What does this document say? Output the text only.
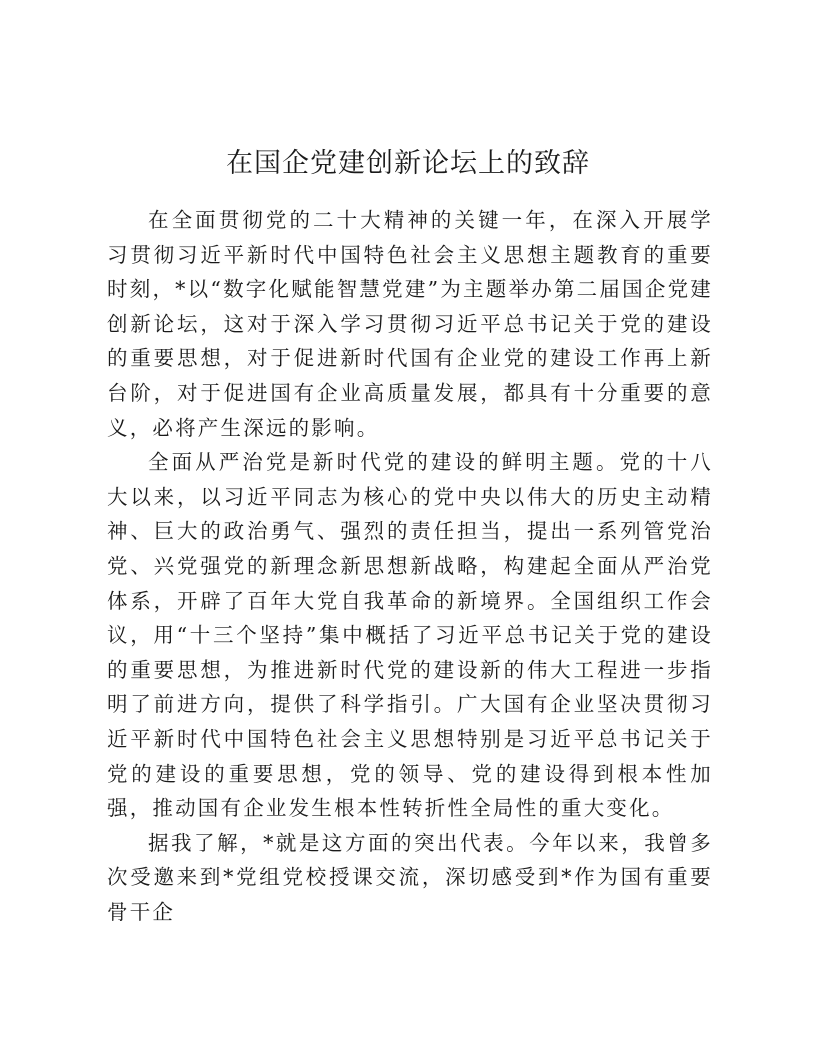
在国企党建创新论坛上的致辞

在全面贯彻党的二十大精神的关键一年，在深入开展学习贯彻习近平新时代中国特色社会主义思想主题教育的重要时刻，*以“数字化赋能智慧党建”为主题举办第二届国企党建创新论坛，这对于深入学习贯彻习近平总书记关于党的建设的重要思想，对于促进新时代国有企业党的建设工作再上新台阶，对于促进国有企业高质量发展，都具有十分重要的意义，必将产生深远的影响。

全面从严治党是新时代党的建设的鲜明主题。党的十八大以来，以习近平同志为核心的党中央以伟大的历史主动精神、巨大的政治勇气、强烈的责任担当，提出一系列管党治党、兴党强党的新理念新思想新战略，构建起全面从严治党体系，开辟了百年大党自我革命的新境界。全国组织工作会议，用“十三个坚持”集中概括了习近平总书记关于党的建设的重要思想，为推进新时代党的建设新的伟大工程进一步指明了前进方向，提供了科学指引。广大国有企业坚决贯彻习近平新时代中国特色社会主义思想特别是习近平总书记关于党的建设的重要思想，党的领导、党的建设得到根本性加强，推动国有企业发生根本性转折性全局性的重大变化。

据我了解，*就是这方面的突出代表。今年以来，我曾多次受邀来到*党组党校授课交流，深切感受到*作为国有重要骨干企
